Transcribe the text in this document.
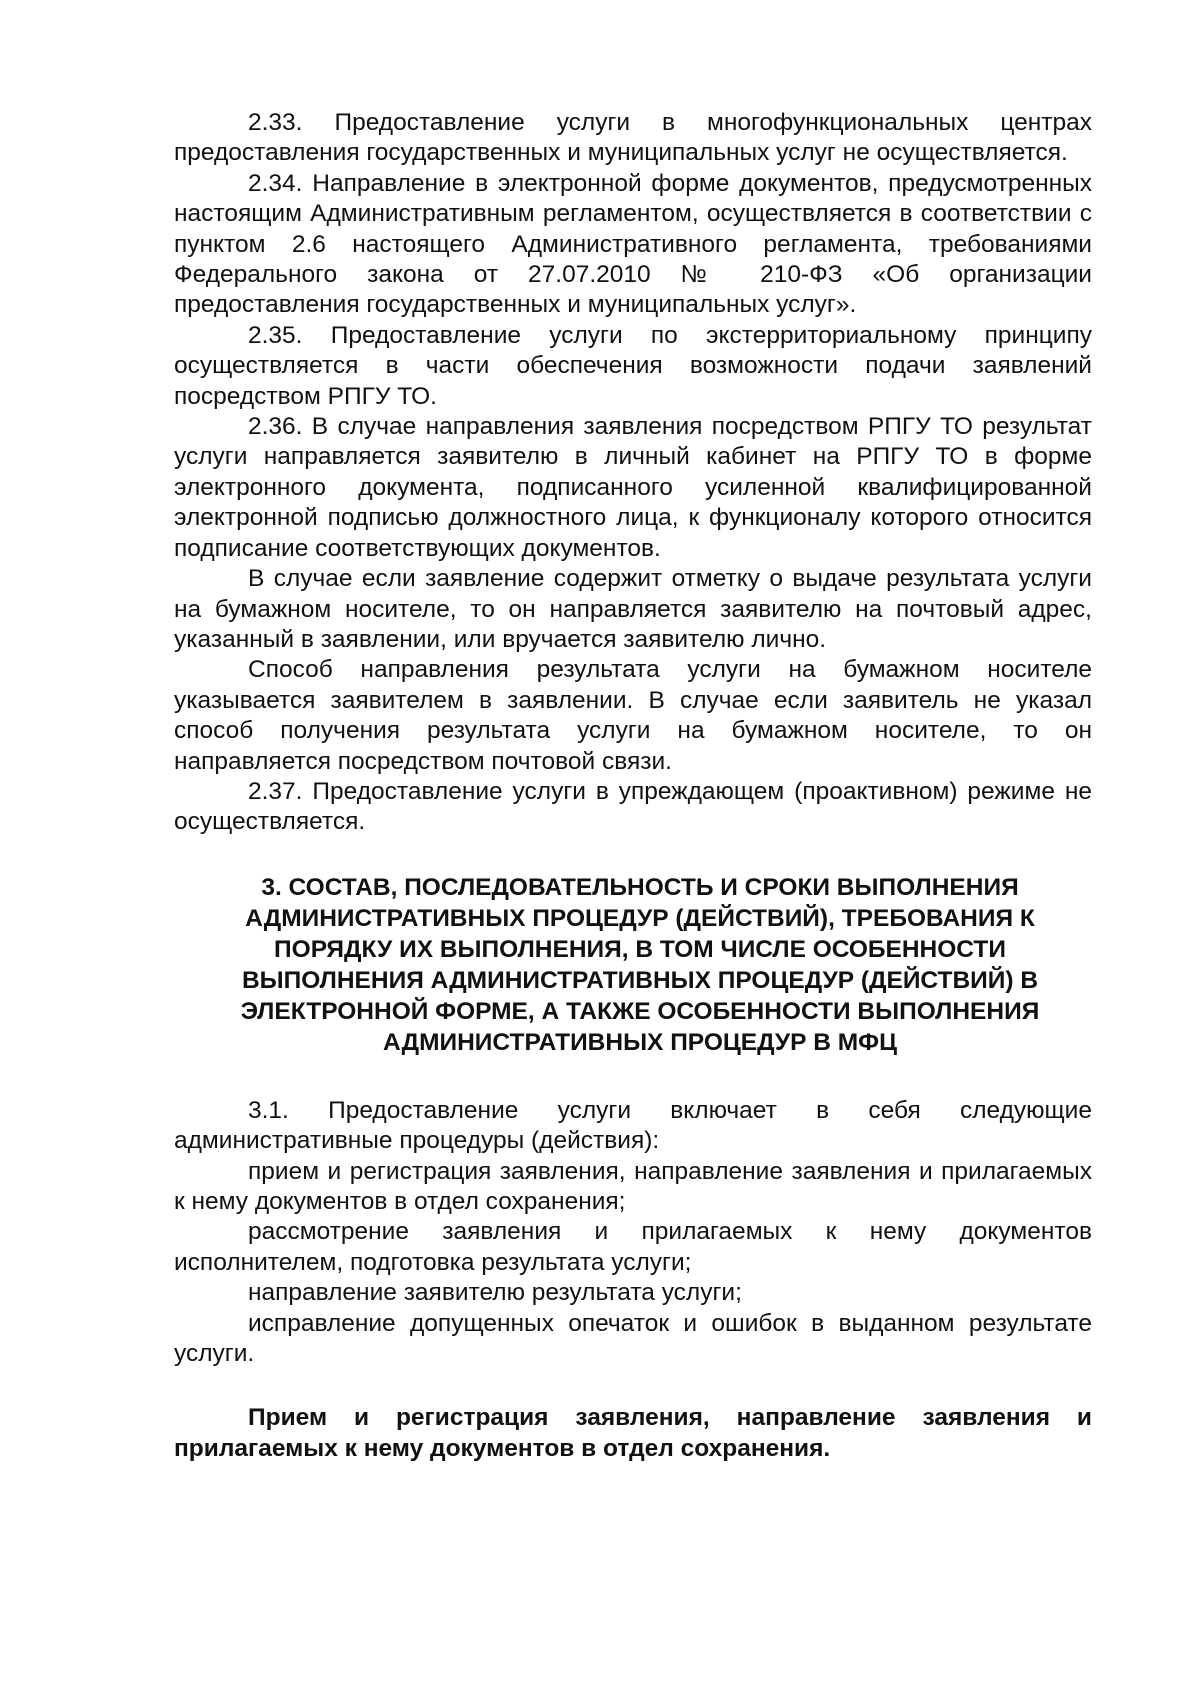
2.33. Предоставление услуги в многофункциональных центрах предоставления государственных и муниципальных услуг не осуществляется.

2.34. Направление в электронной форме документов, предусмотренных настоящим Административным регламентом, осуществляется в соответствии с пунктом 2.6 настоящего Административного регламента, требованиями Федерального закона от 27.07.2010 № 210-ФЗ «Об организации предоставления государственных и муниципальных услуг».

2.35. Предоставление услуги по экстерриториальному принципу осуществляется в части обеспечения возможности подачи заявлений посредством РПГУ ТО.

2.36. В случае направления заявления посредством РПГУ ТО результат услуги направляется заявителю в личный кабинет на РПГУ ТО в форме электронного документа, подписанного усиленной квалифицированной электронной подписью должностного лица, к функционалу которого относится подписание соответствующих документов.

В случае если заявление содержит отметку о выдаче результата услуги на бумажном носителе, то он направляется заявителю на почтовый адрес, указанный в заявлении, или вручается заявителю лично.

Способ направления результата услуги на бумажном носителе указывается заявителем в заявлении. В случае если заявитель не указал способ получения результата услуги на бумажном носителе, то он направляется посредством почтовой связи.

2.37. Предоставление услуги в упреждающем (проактивном) режиме не осуществляется.

3. СОСТАВ, ПОСЛЕДОВАТЕЛЬНОСТЬ И СРОКИ ВЫПОЛНЕНИЯ АДМИНИСТРАТИВНЫХ ПРОЦЕДУР (ДЕЙСТВИЙ), ТРЕБОВАНИЯ К ПОРЯДКУ ИХ ВЫПОЛНЕНИЯ, В ТОМ ЧИСЛЕ ОСОБЕННОСТИ ВЫПОЛНЕНИЯ АДМИНИСТРАТИВНЫХ ПРОЦЕДУР (ДЕЙСТВИЙ) В ЭЛЕКТРОННОЙ ФОРМЕ, А ТАКЖЕ ОСОБЕННОСТИ ВЫПОЛНЕНИЯ АДМИНИСТРАТИВНЫХ ПРОЦЕДУР В МФЦ

3.1. Предоставление услуги включает в себя следующие административные процедуры (действия):

прием и регистрация заявления, направление заявления и прилагаемых к нему документов в отдел сохранения;

рассмотрение заявления и прилагаемых к нему документов исполнителем, подготовка результата услуги;

направление заявителю результата услуги;

исправление допущенных опечаток и ошибок в выданном результате услуги.

Прием и регистрация заявления, направление заявления и прилагаемых к нему документов в отдел сохранения.
